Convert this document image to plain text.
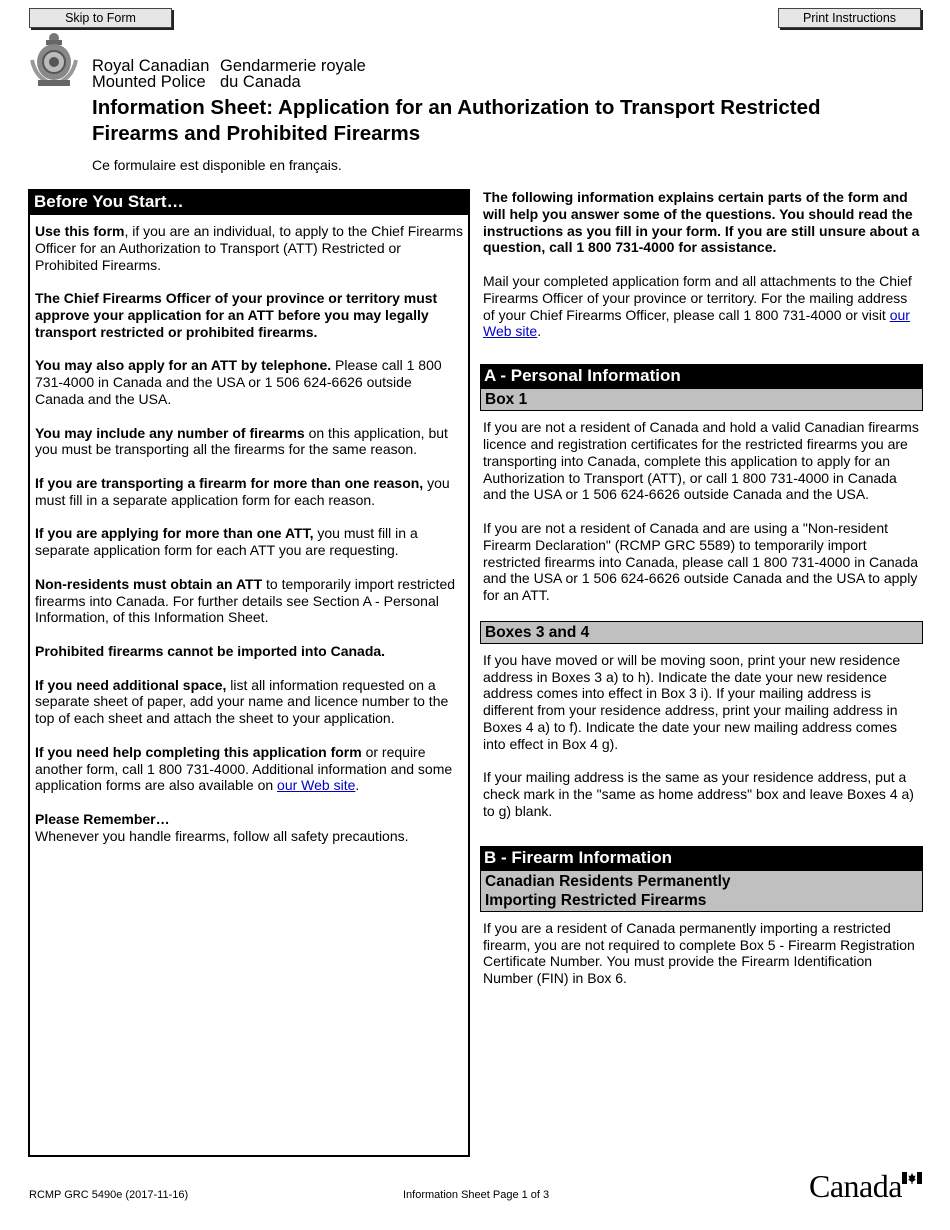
Skip to Form	Print Instructions
Royal Canadian
Mounted Police
Gendarmerie royale
du Canada
Information Sheet: Application for an Authorization to Transport Restricted Firearms and Prohibited Firearms
Ce formulaire est disponible en français.
Before You Start…

Use this form, if you are an individual, to apply to the Chief Firearms Officer for an Authorization to Transport (ATT) Restricted or Prohibited Firearms.

The Chief Firearms Officer of your province or territory must approve your application for an ATT before you may legally transport restricted or prohibited firearms.

You may also apply for an ATT by telephone. Please call 1 800 731-4000 in Canada and the USA or 1 506 624-6626 outside Canada and the USA.

You may include any number of firearms on this application, but you must be transporting all the firearms for the same reason.

If you are transporting a firearm for more than one reason, you must fill in a separate application form for each reason.

If you are applying for more than one ATT, you must fill in a separate application form for each ATT you are requesting.

Non-residents must obtain an ATT to temporarily import restricted firearms into Canada. For further details see Section A - Personal Information, of this Information Sheet.

Prohibited firearms cannot be imported into Canada.

If you need additional space, list all information requested on a separate sheet of paper, add your name and licence number to the top of each sheet and attach the sheet to your application.

If you need help completing this application form or require another form, call 1 800 731-4000. Additional information and some application forms are also available on our Web site.

Please Remember…
Whenever you handle firearms, follow all safety precautions.

The following information explains certain parts of the form and will help you answer some of the questions. You should read the instructions as you fill in your form. If you are still unsure about a question, call 1 800 731-4000 for assistance.

Mail your completed application form and all attachments to the Chief Firearms Officer of your province or territory. For the mailing address of your Chief Firearms Officer, please call 1 800 731-4000 or visit our Web site.

A - Personal Information
Box 1

If you are not a resident of Canada and hold a valid Canadian firearms licence and registration certificates for the restricted firearms you are transporting into Canada, complete this application to apply for an Authorization to Transport (ATT), or call 1 800 731-4000 in Canada and the USA or 1 506 624-6626 outside Canada and the USA.

If you are not a resident of Canada and are using a "Non-resident Firearm Declaration" (RCMP GRC 5589) to temporarily import restricted firearms into Canada, please call 1 800 731-4000 in Canada and the USA or 1 506 624-6626 outside Canada and the USA to apply for an ATT.

Boxes 3 and 4

If you have moved or will be moving soon, print your new residence address in Boxes 3 a) to h). Indicate the date your new residence address comes into effect in Box 3 i). If your mailing address is different from your residence address, print your mailing address in Boxes 4 a) to f). Indicate the date your new mailing address comes into effect in Box 4 g).

If your mailing address is the same as your residence address, put a check mark in the "same as home address" box and leave Boxes 4 a) to g) blank.

B - Firearm Information
Canadian Residents Permanently Importing Restricted Firearms

If you are a resident of Canada permanently importing a restricted firearm, you are not required to complete Box 5 - Firearm Registration Certificate Number. You must provide the Firearm Identification Number (FIN) in Box 6.

RCMP GRC 5490e (2017-11-16)	Information Sheet Page 1 of 3	Canada
